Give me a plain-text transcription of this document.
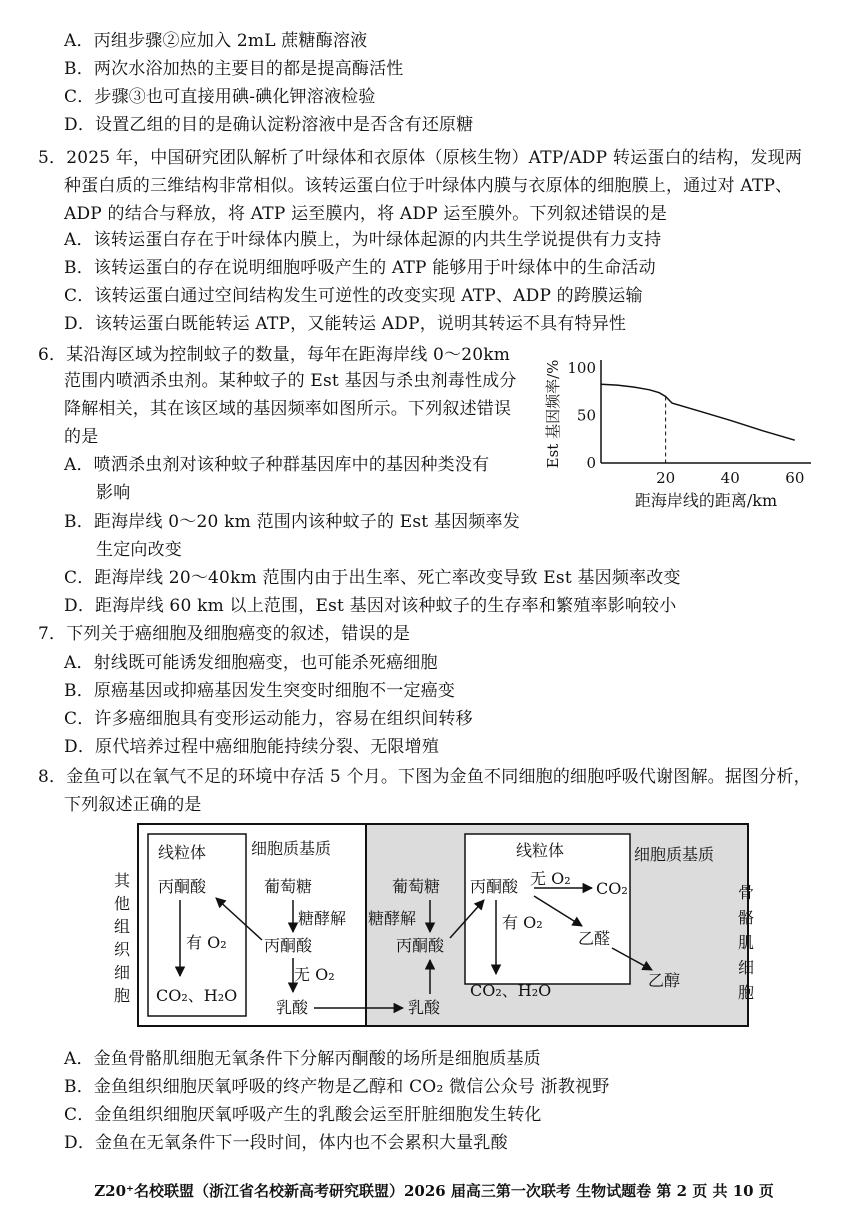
A．丙组步骤②应加入 2mL 蔗糖酶溶液
B．两次水浴加热的主要目的都是提高酶活性
C．步骤③也可直接用碘-碘化钾溶液检验
D．设置乙组的目的是确认淀粉溶液中是否含有还原糖
5．2025 年，中国研究团队解析了叶绿体和衣原体（原核生物）ATP/ADP 转运蛋白的结构，发现两
种蛋白质的三维结构非常相似。该转运蛋白位于叶绿体内膜与衣原体的细胞膜上，通过对 ATP、
ADP 的结合与释放，将 ATP 运至膜内，将 ADP 运至膜外。下列叙述错误的是
A．该转运蛋白存在于叶绿体内膜上，为叶绿体起源的内共生学说提供有力支持
B．该转运蛋白的存在说明细胞呼吸产生的 ATP 能够用于叶绿体中的生命活动
C．该转运蛋白通过空间结构发生可逆性的改变实现 ATP、ADP 的跨膜运输
D．该转运蛋白既能转运 ATP，又能转运 ADP，说明其转运不具有特异性
6．某沿海区域为控制蚊子的数量，每年在距海岸线 0～20km
范围内喷洒杀虫剂。某种蚊子的 Est 基因与杀虫剂毒性成分
降解相关，其在该区域的基因频率如图所示。下列叙述错误
的是
A．喷洒杀虫剂对该种蚊子种群基因库中的基因种类没有
影响
B．距海岸线 0～20 km 范围内该种蚊子的 Est 基因频率发
生定向改变
C．距海岸线 20～40km 范围内由于出生率、死亡率改变导致 Est 基因频率改变
D．距海岸线 60 km 以上范围，Est 基因对该种蚊子的生存率和繁殖率影响较小
0
50
100
20	40	60
Est 基因频率/%
距海岸线的距离/km
7．下列关于癌细胞及细胞癌变的叙述，错误的是
A．射线既可能诱发细胞癌变，也可能杀死癌细胞
B．原癌基因或抑癌基因发生突变时细胞不一定癌变
C．许多癌细胞具有变形运动能力，容易在组织间转移
D．原代培养过程中癌细胞能持续分裂、无限增殖
8．金鱼可以在氧气不足的环境中存活 5 个月。下图为金鱼不同细胞的细胞呼吸代谢图解。据图分析，
下列叙述正确的是
其
他
组
织
细
胞
骨
骼
肌
细
胞
线粒体	细胞质基质
丙酮酸	葡萄糖
糖酵解
有 O₂ 丙酮酸
无 O₂
CO₂、H₂O
乳酸
线粒体	细胞质基质
葡萄糖
糖酵解
丙酮酸
乳酸
丙酮酸 无 O₂
CO₂
有 O₂
乙醛
CO₂、H₂O
乙醇
A．金鱼骨骼肌细胞无氧条件下分解丙酮酸的场所是细胞质基质
B．金鱼组织细胞厌氧呼吸的终产物是乙醇和 CO₂ 微信公众号 浙教视野
C．金鱼组织细胞厌氧呼吸产生的乳酸会运至肝脏细胞发生转化
D．金鱼在无氧条件下一段时间，体内也不会累积大量乳酸
Z20⁺名校联盟（浙江省名校新高考研究联盟）2026 届高三第一次联考 生物试题卷 第 2 页 共 10 页
